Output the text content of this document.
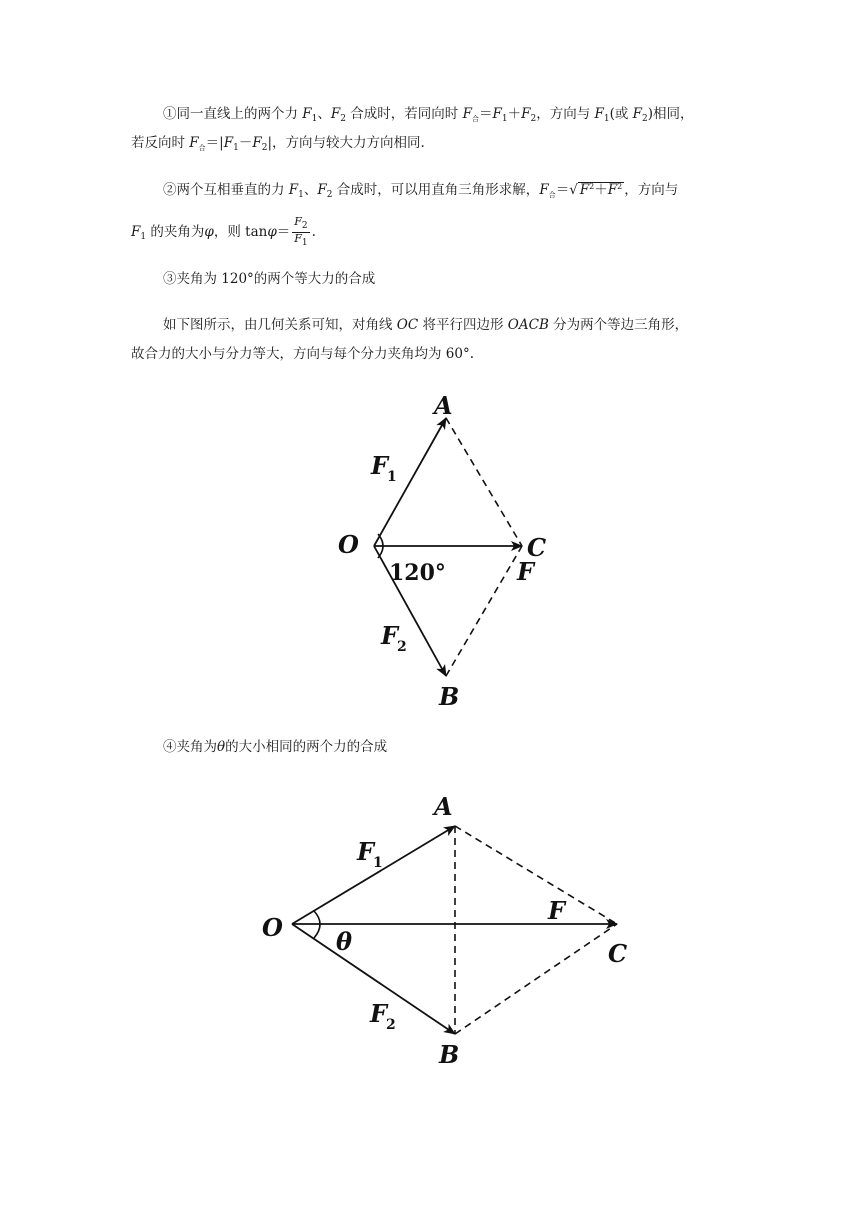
①同一直线上的两个力 $F_1$、$F_2$ 合成时，若同向时 $F_合=F_1+F_2$，方向与 $F_1$(或 $F_2$)相同，
若反向时 $F_合=|F_1-F_2|$，方向与较大力方向相同.
②两个互相垂直的力 $F_1$、$F_2$ 合成时，可以用直角三角形求解，$F_合=√$ $F^2+F^2$ ，方向与
$F_1$ 的夹角为φ，则 $\tan\varphi= \frac{F_2}{F_1}$ .
③夹角为 120°的两个等大力的合成
如下图所示，由几何关系可知，对角线 OC 将平行四边形 OACB 分为两个等边三角形，
故合力的大小与分力等大，方向与每个分力夹角均为 60°.
A
O	C
F
B
F
1
F
2
120°
④夹角为θ的大小相同的两个力的合成
A
O
C
F
B
F
1
F
2
θ
